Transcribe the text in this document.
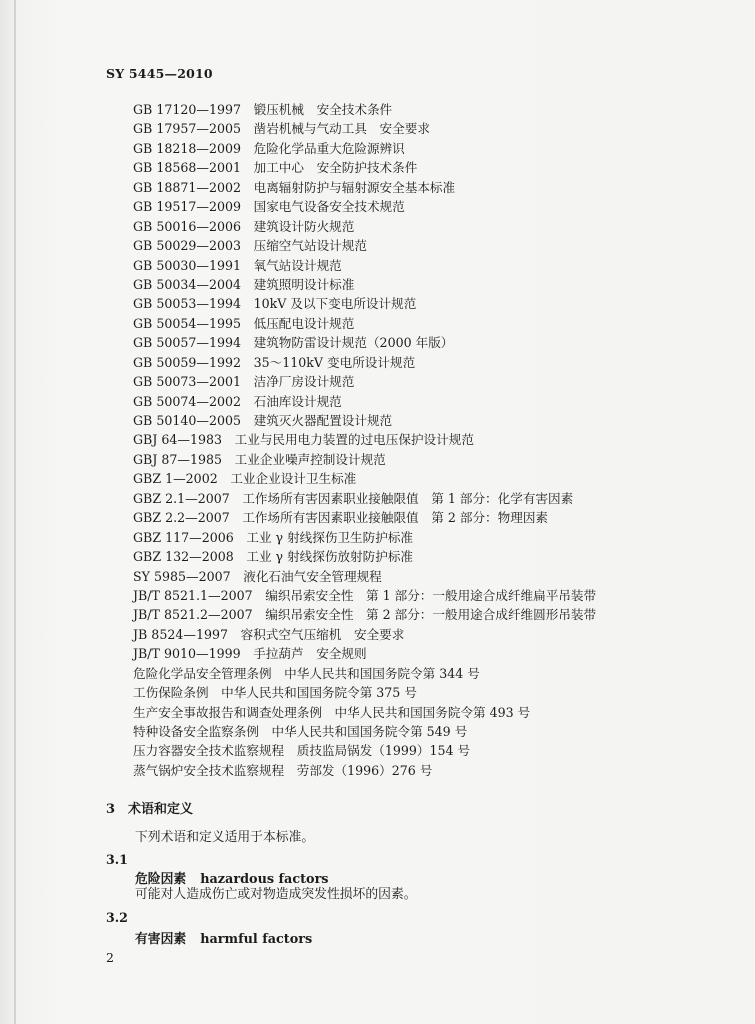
SY 5445—2010
GB 17120—1997　锻压机械　安全技术条件
GB 17957—2005　凿岩机械与气动工具　安全要求
GB 18218—2009　危险化学品重大危险源辨识
GB 18568—2001　加工中心　安全防护技术条件
GB 18871—2002　电离辐射防护与辐射源安全基本标准
GB 19517—2009　国家电气设备安全技术规范
GB 50016—2006　建筑设计防火规范
GB 50029—2003　压缩空气站设计规范
GB 50030—1991　氧气站设计规范
GB 50034—2004　建筑照明设计标准
GB 50053—1994　10kV 及以下变电所设计规范
GB 50054—1995　低压配电设计规范
GB 50057—1994　建筑物防雷设计规范（2000 年版）
GB 50059—1992　35～110kV 变电所设计规范
GB 50073—2001　洁净厂房设计规范
GB 50074—2002　石油库设计规范
GB 50140—2005　建筑灭火器配置设计规范
GBJ 64—1983　工业与民用电力装置的过电压保护设计规范
GBJ 87—1985　工业企业噪声控制设计规范
GBZ 1—2002　工业企业设计卫生标准
GBZ 2.1—2007　工作场所有害因素职业接触限值　第 1 部分：化学有害因素
GBZ 2.2—2007　工作场所有害因素职业接触限值　第 2 部分：物理因素
GBZ 117—2006　工业 γ 射线探伤卫生防护标准
GBZ 132—2008　工业 γ 射线探伤放射防护标准
SY 5985—2007　液化石油气安全管理规程
JB/T 8521.1—2007　编织吊索安全性　第 1 部分：一般用途合成纤维扁平吊装带
JB/T 8521.2—2007　编织吊索安全性　第 2 部分：一般用途合成纤维圆形吊装带
JB 8524—1997　容积式空气压缩机　安全要求
JB/T 9010—1999　手拉葫芦　安全规则
危险化学品安全管理条例　中华人民共和国国务院令第 344 号
工伤保险条例　中华人民共和国国务院令第 375 号
生产安全事故报告和调查处理条例　中华人民共和国国务院令第 493 号
特种设备安全监察条例　中华人民共和国国务院令第 549 号
压力容器安全技术监察规程　质技监局锅发（1999）154 号
蒸气锅炉安全技术监察规程　劳部发（1996）276 号
3　术语和定义
下列术语和定义适用于本标准。
3.1
危险因素 hazardous factors
可能对人造成伤亡或对物造成突发性损坏的因素。
3.2
有害因素 harmful factors
2
